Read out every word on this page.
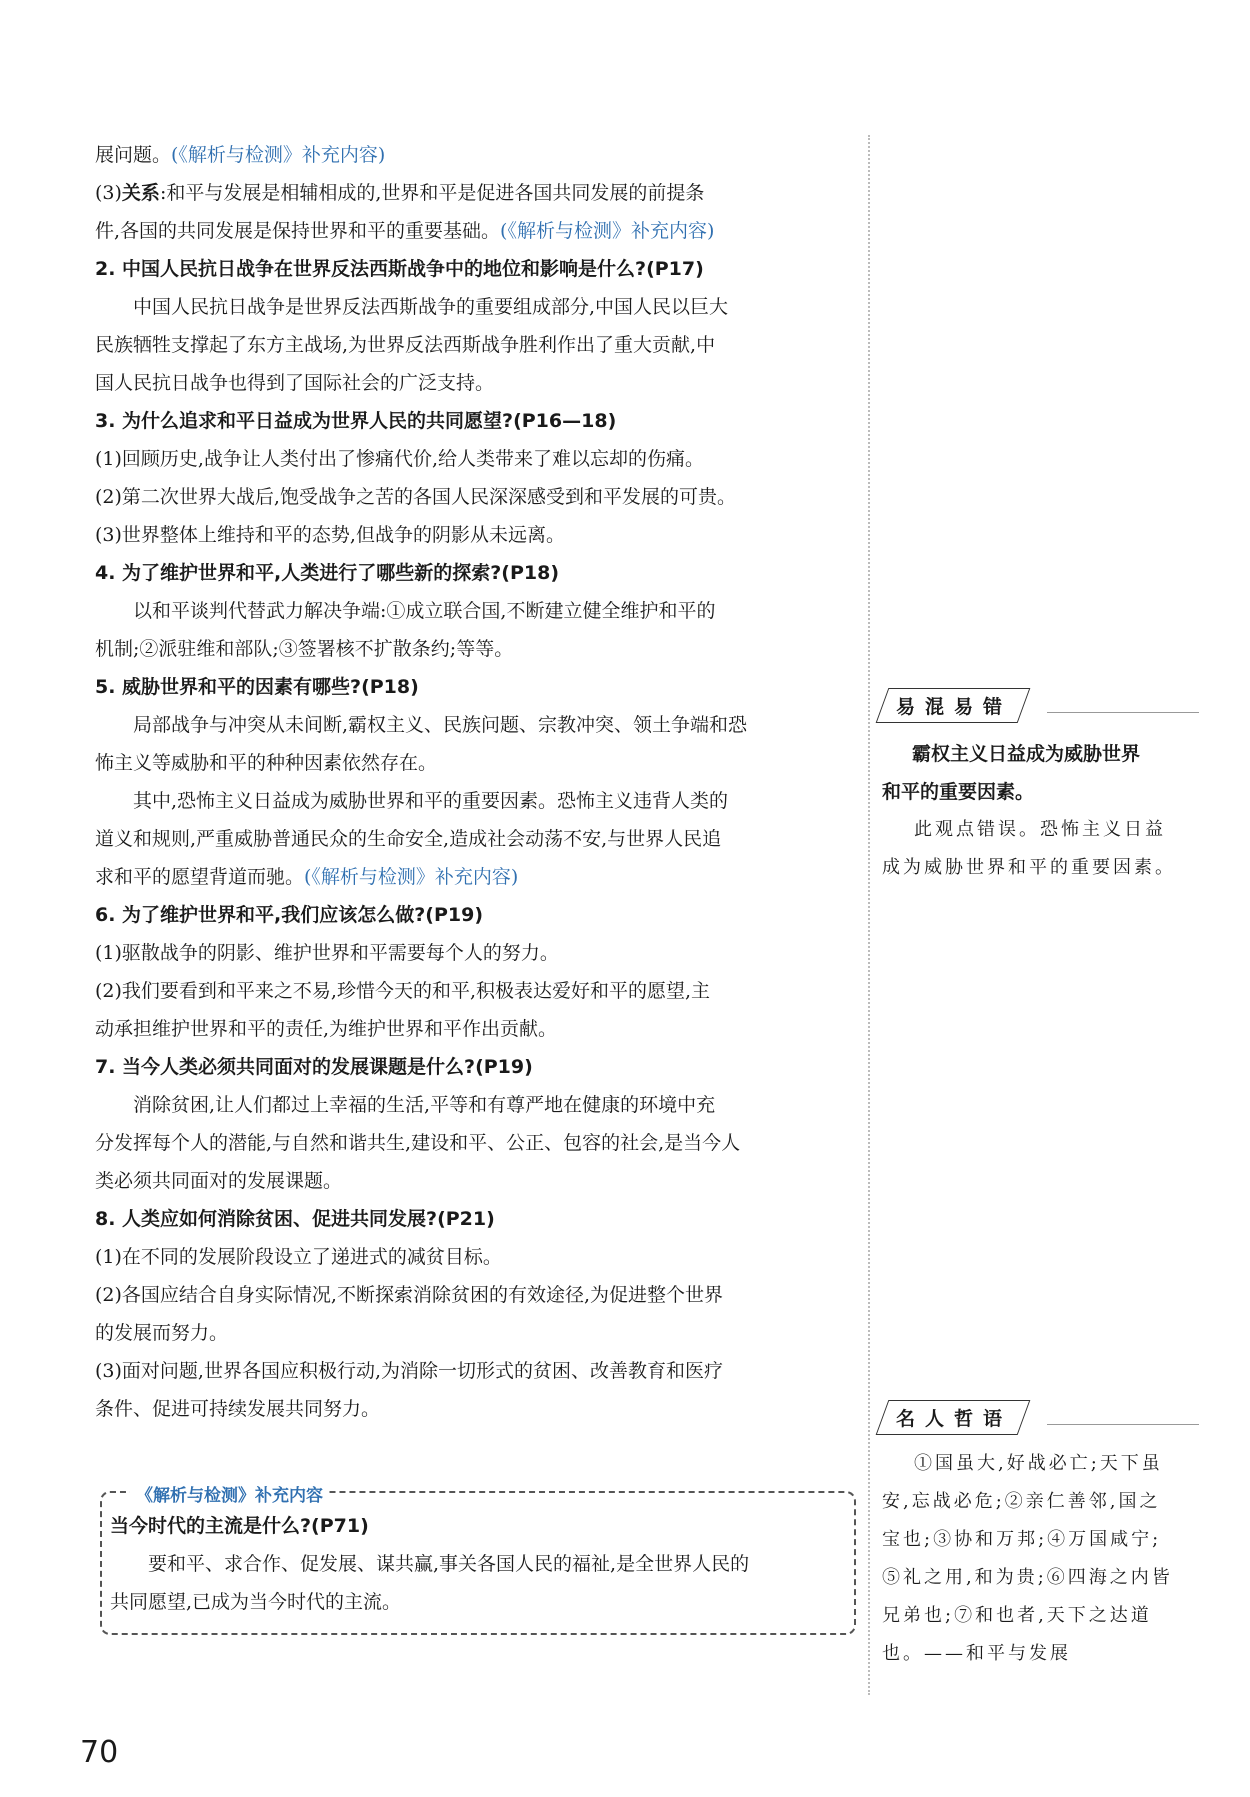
展问题。(《解析与检测》补充内容)
(3)关系:和平与发展是相辅相成的,世界和平是促进各国共同发展的前提条
件,各国的共同发展是保持世界和平的重要基础。(《解析与检测》补充内容)
2. 中国人民抗日战争在世界反法西斯战争中的地位和影响是什么?(P17)
中国人民抗日战争是世界反法西斯战争的重要组成部分,中国人民以巨大
民族牺牲支撑起了东方主战场,为世界反法西斯战争胜利作出了重大贡献,中
国人民抗日战争也得到了国际社会的广泛支持。
3. 为什么追求和平日益成为世界人民的共同愿望?(P16—18)
(1)回顾历史,战争让人类付出了惨痛代价,给人类带来了难以忘却的伤痛。
(2)第二次世界大战后,饱受战争之苦的各国人民深深感受到和平发展的可贵。
(3)世界整体上维持和平的态势,但战争的阴影从未远离。
4. 为了维护世界和平,人类进行了哪些新的探索?(P18)
以和平谈判代替武力解决争端:①成立联合国,不断建立健全维护和平的
机制;②派驻维和部队;③签署核不扩散条约;等等。
5. 威胁世界和平的因素有哪些?(P18)
局部战争与冲突从未间断,霸权主义、民族问题、宗教冲突、领土争端和恐
怖主义等威胁和平的种种因素依然存在。
其中,恐怖主义日益成为威胁世界和平的重要因素。恐怖主义违背人类的
道义和规则,严重威胁普通民众的生命安全,造成社会动荡不安,与世界人民追
求和平的愿望背道而驰。(《解析与检测》补充内容)
6. 为了维护世界和平,我们应该怎么做?(P19)
(1)驱散战争的阴影、维护世界和平需要每个人的努力。
(2)我们要看到和平来之不易,珍惜今天的和平,积极表达爱好和平的愿望,主
动承担维护世界和平的责任,为维护世界和平作出贡献。
7. 当今人类必须共同面对的发展课题是什么?(P19)
消除贫困,让人们都过上幸福的生活,平等和有尊严地在健康的环境中充
分发挥每个人的潜能,与自然和谐共生,建设和平、公正、包容的社会,是当今人
类必须共同面对的发展课题。
8. 人类应如何消除贫困、促进共同发展?(P21)
(1)在不同的发展阶段设立了递进式的减贫目标。
(2)各国应结合自身实际情况,不断探索消除贫困的有效途径,为促进整个世界
的发展而努力。
(3)面对问题,世界各国应积极行动,为消除一切形式的贫困、改善教育和医疗
条件、促进可持续发展共同努力。
《解析与检测》补充内容
当今时代的主流是什么?(P71)
要和平、求合作、促发展、谋共赢,事关各国人民的福祉,是全世界人民的
共同愿望,已成为当今时代的主流。
易混易错
霸权主义日益成为威胁世界
和平的重要因素。
此观点错误。恐怖主义日益
成为威胁世界和平的重要因素。
名人哲语
①国虽大,好战必亡;天下虽
安,忘战必危;②亲仁善邻,国之
宝也;③协和万邦;④万国咸宁;
⑤礼之用,和为贵;⑥四海之内皆
兄弟也;⑦和也者,天下之达道
也。——和平与发展
70
